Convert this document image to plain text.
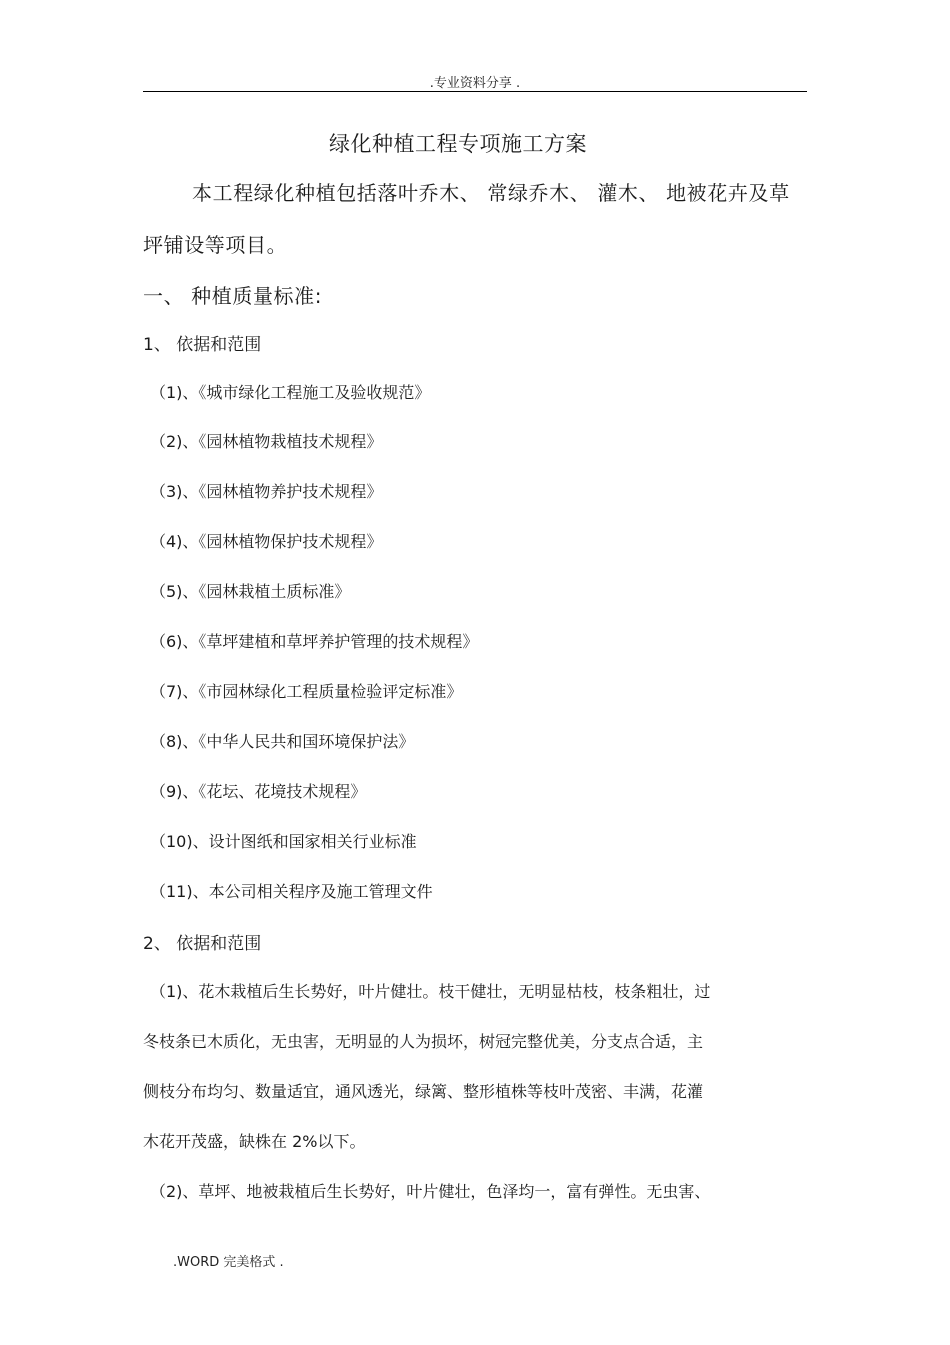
.专业资料分享 .
绿化种植工程专项施工方案
本工程绿化种植包括落叶乔木、 常绿乔木、 灌木、 地被花卉及草
坪铺设等项目。
一、 种植质量标准:
1、 依据和范围
（1)、《城市绿化工程施工及验收规范》
（2)、《园林植物栽植技术规程》
（3)、《园林植物养护技术规程》
（4)、《园林植物保护技术规程》
（5)、《园林栽植土质标准》
（6)、《草坪建植和草坪养护管理的技术规程》
（7)、《市园林绿化工程质量检验评定标准》
（8)、《中华人民共和国环境保护法》
（9)、《花坛、花境技术规程》
（10)、设计图纸和国家相关行业标准
（11)、本公司相关程序及施工管理文件
2、 依据和范围
（1)、花木栽植后生长势好，叶片健壮。枝干健壮，无明显枯枝，枝条粗壮，过
冬枝条已木质化，无虫害，无明显的人为损坏，树冠完整优美，分支点合适，主
侧枝分布均匀、数量适宜，通风透光，绿篱、整形植株等枝叶茂密、丰满，花灌
木花开茂盛，缺株在 2%以下。
（2)、草坪、地被栽植后生长势好，叶片健壮，色泽均一，富有弹性。无虫害、
.WORD 完美格式 .
